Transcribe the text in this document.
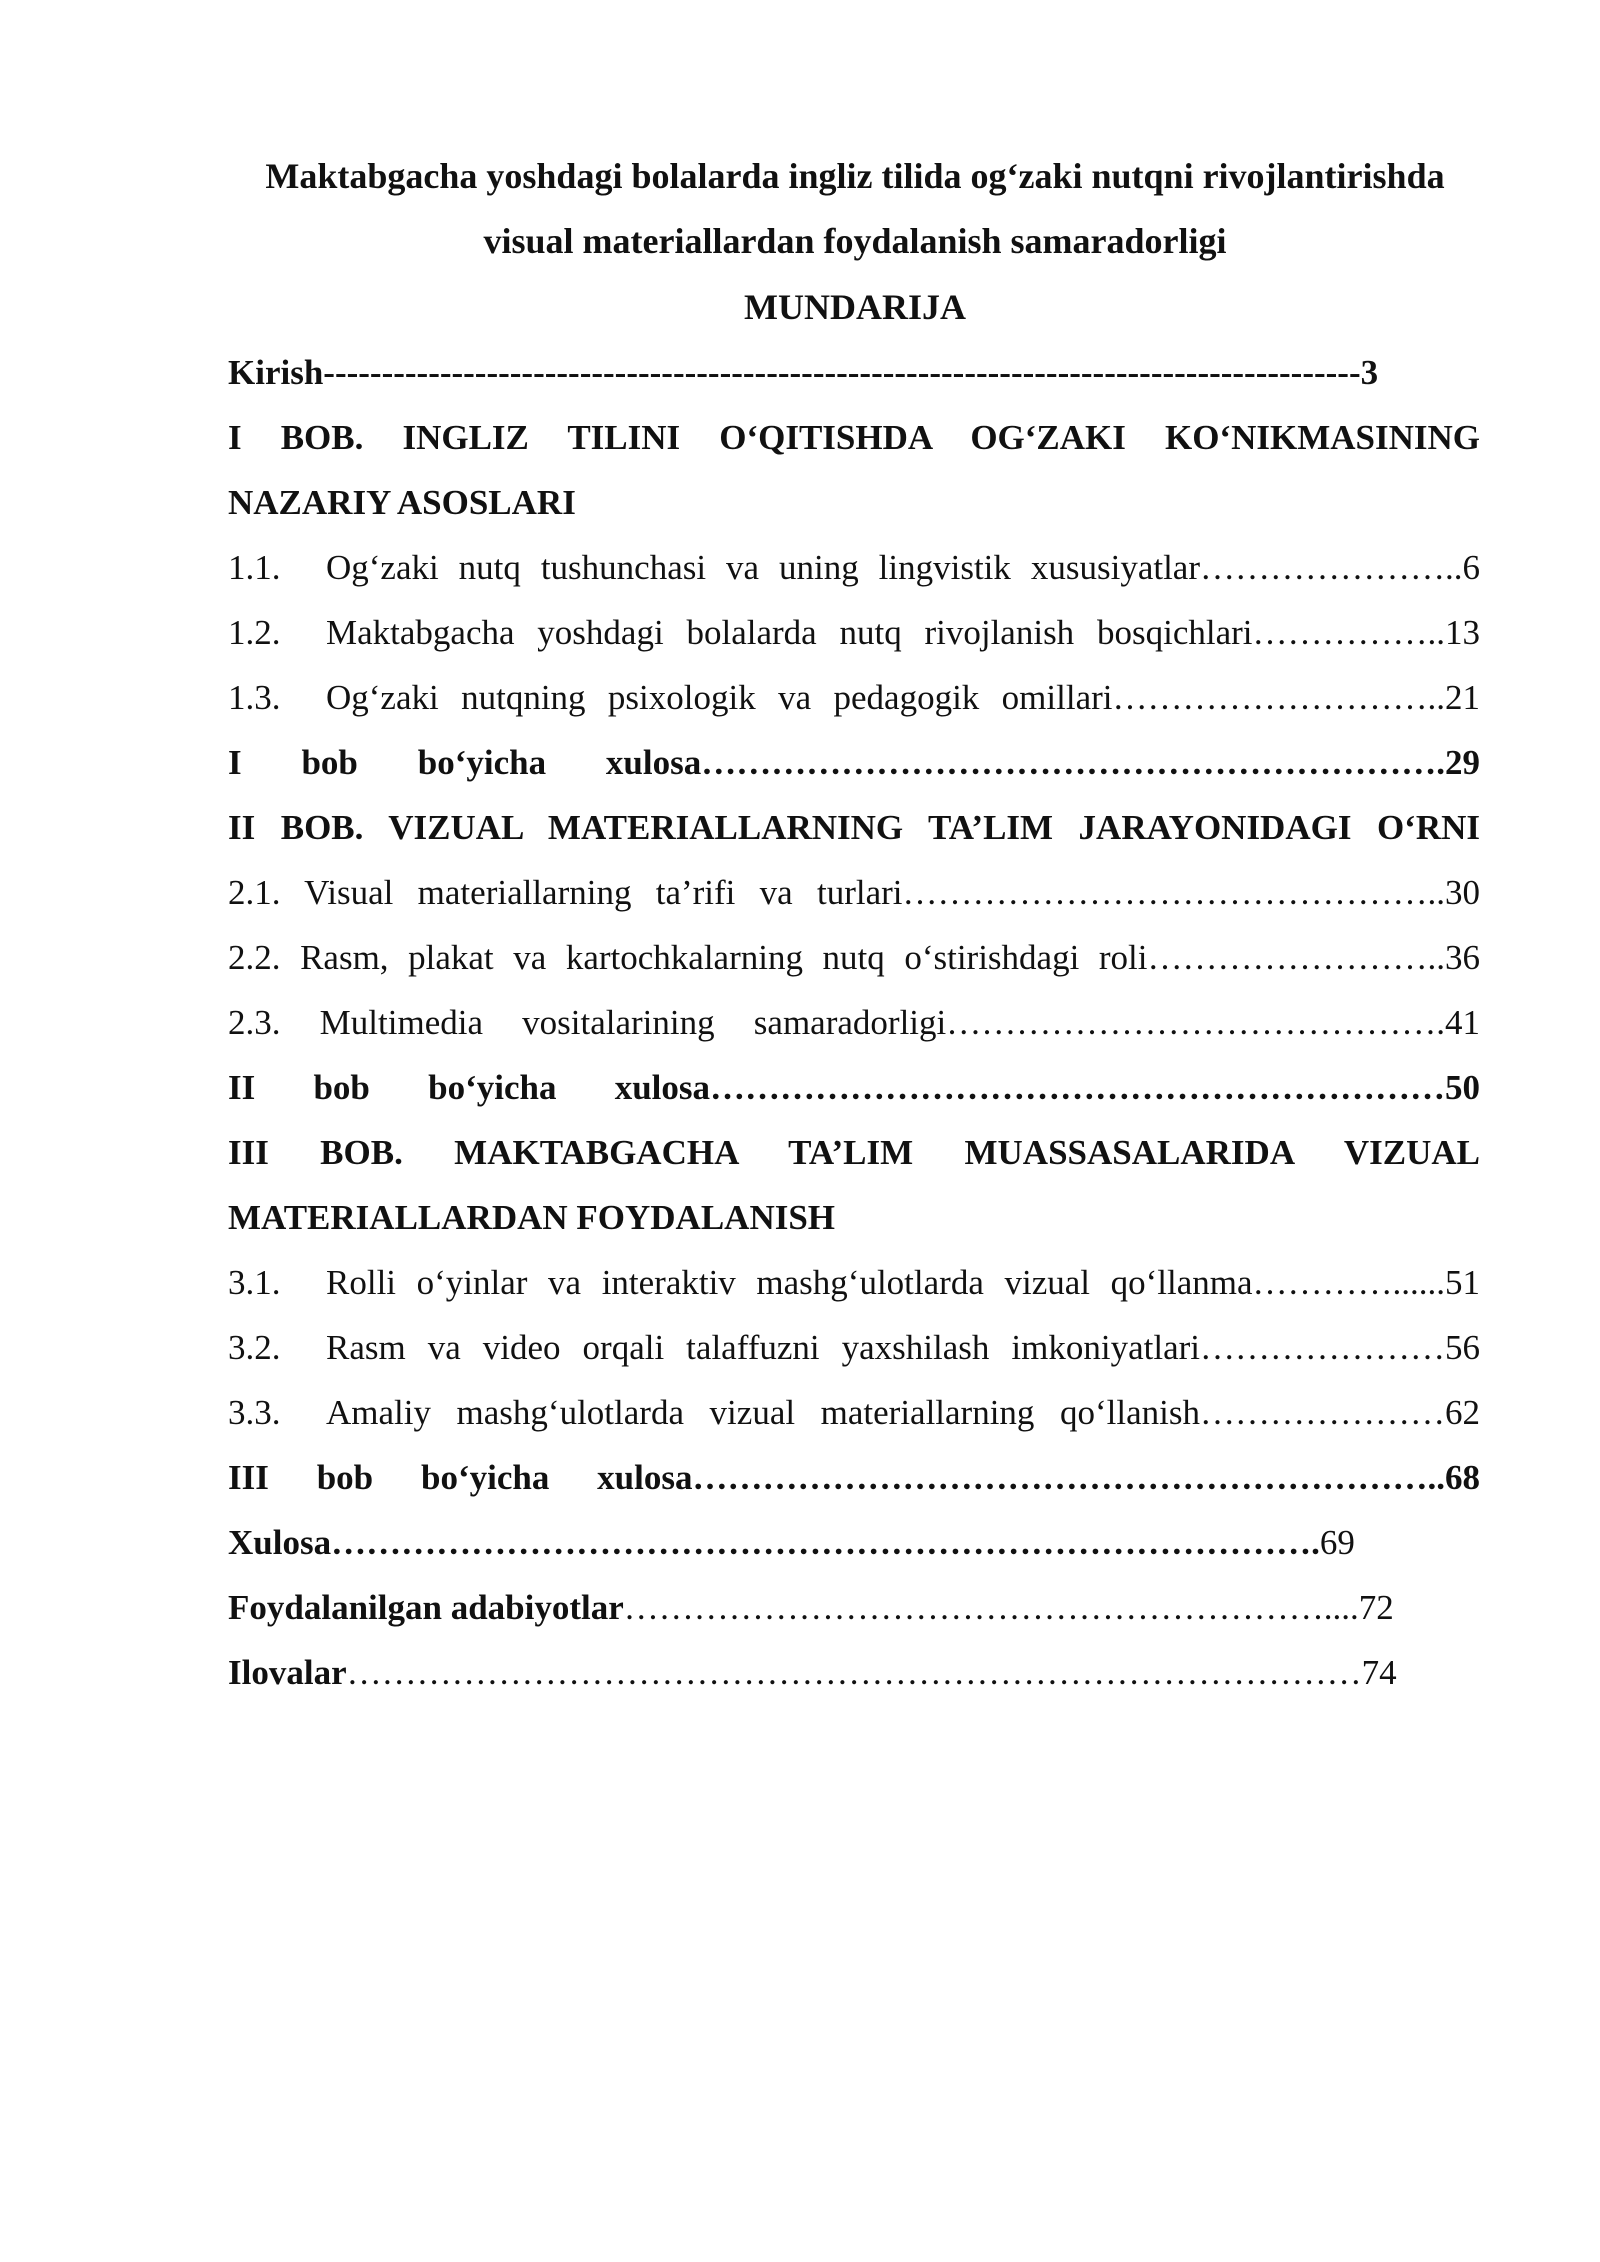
Maktabgacha yoshdagi bolalarda ingliz tilida og‘zaki nutqni rivojlantirishda
visual materiallardan foydalanish samaradorligi
MUNDARIJA
Kirish-----------------------------------------------------------------------------------------3
I BOB. INGLIZ TILINI O‘QITISHDA OG‘ZAKI KO‘NIKMASINING
NAZARIY ASOSLARI
1.1. Og‘zaki nutq tushunchasi va uning lingvistik xususiyatlar…………………..6
1.2. Maktabgacha yoshdagi bolalarda nutq rivojlanish bosqichlari……………..13
1.3. Og‘zaki nutqning psixologik va pedagogik omillari………………………..21
I bob bo‘yicha xulosa……………………………………………………….29
II BOB. VIZUAL MATERIALLARNING TA’LIM JARAYONIDAGI O‘RNI
2.1. Visual materiallarning ta’rifi va turlari………………………………………..30
2.2. Rasm, plakat va kartochkalarning nutq o‘stirishdagi roli……………………..36
2.3. Multimedia vositalarining samaradorligi…………………………………….41
II bob bo‘yicha xulosa………………………………………………………50
III BOB. MAKTABGACHA TA’LIM MUASSASALARIDA VIZUAL
MATERIALLARDAN FOYDALANISH
3.1. Rolli o‘yinlar va interaktiv mashg‘ulotlarda vizual qo‘llanma…………......51
3.2. Rasm va video orqali talaffuzni yaxshilash imkoniyatlari…………………56
3.3. Amaliy mashg‘ulotlarda vizual materiallarning qo‘llanish…………………62
III bob bo‘yicha xulosa………………………………………………………..68
Xulosa………………………………………………………………………….69
Foydalanilgan adabiyotlar……………………………………………………....72
Ilovalar……………………………………………………………………………74
